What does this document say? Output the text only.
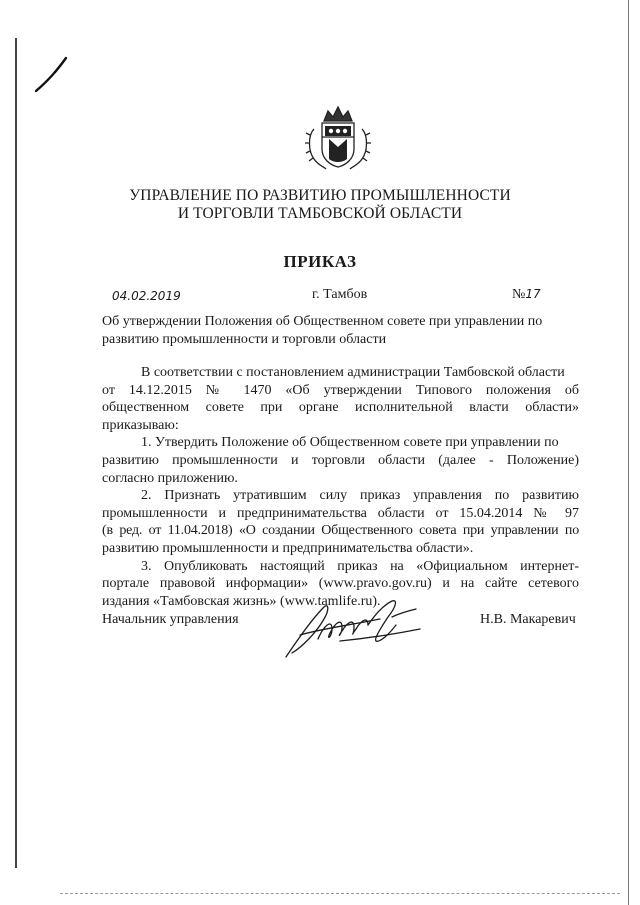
УПРАВЛЕНИЕ ПО РАЗВИТИЮ ПРОМЫШЛЕННОСТИ
И ТОРГОВЛИ ТАМБОВСКОЙ ОБЛАСТИ
ПРИКАЗ
04.02.2019	г. Тамбов	№17
Об утверждении Положения об Общественном совете при управлении по
развитию промышленности и торговли области
В соответствии с постановлением администрации Тамбовской области
от 14.12.2015 № 1470 «Об утверждении Типового положения об
общественном совете при органе исполнительной власти области»
приказываю:
1. Утвердить Положение об Общественном совете при управлении по
развитию промышленности и торговли области (далее - Положение)
согласно приложению.
2. Признать утратившим силу приказ управления по развитию
промышленности и предпринимательства области от 15.04.2014 № 97
(в ред. от 11.04.2018) «О создании Общественного совета при управлении по
развитию промышленности и предпринимательства области».
3. Опубликовать настоящий приказ на «Официальном интернет-
портале правовой информации» (www.pravo.gov.ru) и на сайте сетевого
издания «Тамбовская жизнь» (www.tamlife.ru).
Начальник управления	Н.В. Макаревич
